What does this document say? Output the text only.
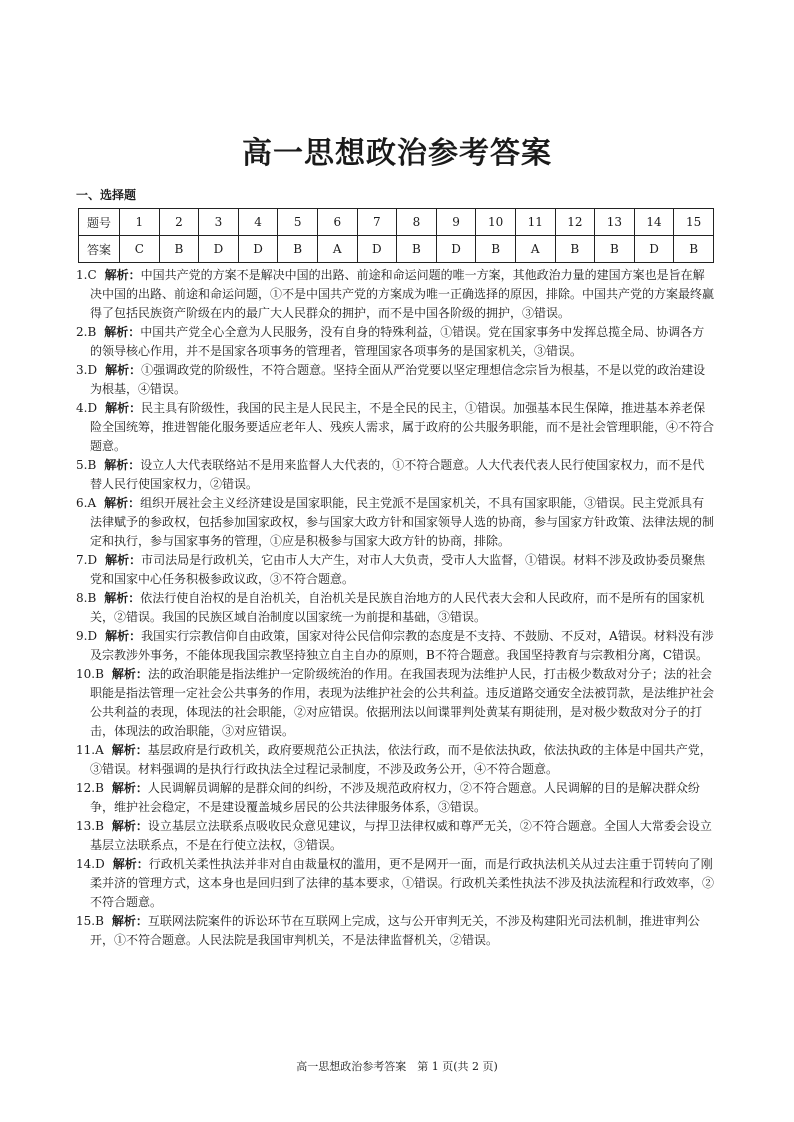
高一思想政治参考答案
一、选择题
题号	1	2	3	4	5	6	7	8	9	10	11	12	13	14	15
答案	C	B	D	D	B	A	D	B	D	B	A	B	B	D	B

1.C 解析：中国共产党的方案不是解决中国的出路、前途和命运问题的唯一方案，其他政治力量的建国方案也是旨在解决中国的出路、前途和命运问题，①不是中国共产党的方案成为唯一正确选择的原因，排除。中国共产党的方案最终赢得了包括民族资产阶级在内的最广大人民群众的拥护，而不是中国各阶级的拥护，③错误。

2.B 解析：中国共产党全心全意为人民服务，没有自身的特殊利益，①错误。党在国家事务中发挥总揽全局、协调各方的领导核心作用，并不是国家各项事务的管理者，管理国家各项事务的是国家机关，③错误。

3.D 解析：①强调政党的阶级性，不符合题意。坚持全面从严治党要以坚定理想信念宗旨为根基，不是以党的政治建设为根基，④错误。

4.D 解析：民主具有阶级性，我国的民主是人民民主，不是全民的民主，①错误。加强基本民生保障，推进基本养老保险全国统筹，推进智能化服务要适应老年人、残疾人需求，属于政府的公共服务职能，而不是社会管理职能，④不符合题意。

5.B 解析：设立人大代表联络站不是用来监督人大代表的，①不符合题意。人大代表代表人民行使国家权力，而不是代替人民行使国家权力，②错误。

6.A 解析：组织开展社会主义经济建设是国家职能，民主党派不是国家机关，不具有国家职能，③错误。民主党派具有法律赋予的参政权，包括参加国家政权，参与国家大政方针和国家领导人选的协商，参与国家方针政策、法律法规的制定和执行，参与国家事务的管理，①应是积极参与国家大政方针的协商，排除。

7.D 解析：市司法局是行政机关，它由市人大产生，对市人大负责，受市人大监督，①错误。材料不涉及政协委员聚焦党和国家中心任务积极参政议政，③不符合题意。

8.B 解析：依法行使自治权的是自治机关，自治机关是民族自治地方的人民代表大会和人民政府，而不是所有的国家机关，②错误。我国的民族区域自治制度以国家统一为前提和基础，③错误。

9.D 解析：我国实行宗教信仰自由政策，国家对待公民信仰宗教的态度是不支持、不鼓励、不反对，A错误。材料没有涉及宗教涉外事务，不能体现我国宗教坚持独立自主自办的原则，B不符合题意。我国坚持教育与宗教相分离，C错误。

10.B 解析：法的政治职能是指法维护一定阶级统治的作用。在我国表现为法维护人民，打击极少数敌对分子；法的社会职能是指法管理一定社会公共事务的作用，表现为法维护社会的公共利益。违反道路交通安全法被罚款，是法维护社会公共利益的表现，体现法的社会职能，②对应错误。依据刑法以间谍罪判处黄某有期徒刑，是对极少数敌对分子的打击，体现法的政治职能，③对应错误。

11.A 解析：基层政府是行政机关，政府要规范公正执法，依法行政，而不是依法执政，依法执政的主体是中国共产党，③错误。材料强调的是执行行政执法全过程记录制度，不涉及政务公开，④不符合题意。

12.B 解析：人民调解员调解的是群众间的纠纷，不涉及规范政府权力，②不符合题意。人民调解的目的是解决群众纷争，维护社会稳定，不是建设覆盖城乡居民的公共法律服务体系，③错误。

13.B 解析：设立基层立法联系点吸收民众意见建议，与捍卫法律权威和尊严无关，②不符合题意。全国人大常委会设立基层立法联系点，不是在行使立法权，③错误。

14.D 解析：行政机关柔性执法并非对自由裁量权的滥用，更不是网开一面，而是行政执法机关从过去注重于罚转向了刚柔并济的管理方式，这本身也是回归到了法律的基本要求，①错误。行政机关柔性执法不涉及执法流程和行政效率，②不符合题意。

15.B 解析：互联网法院案件的诉讼环节在互联网上完成，这与公开审判无关，不涉及构建阳光司法机制，推进审判公开，①不符合题意。人民法院是我国审判机关，不是法律监督机关，②错误。

高一思想政治参考答案　第 1 页(共 2 页)
